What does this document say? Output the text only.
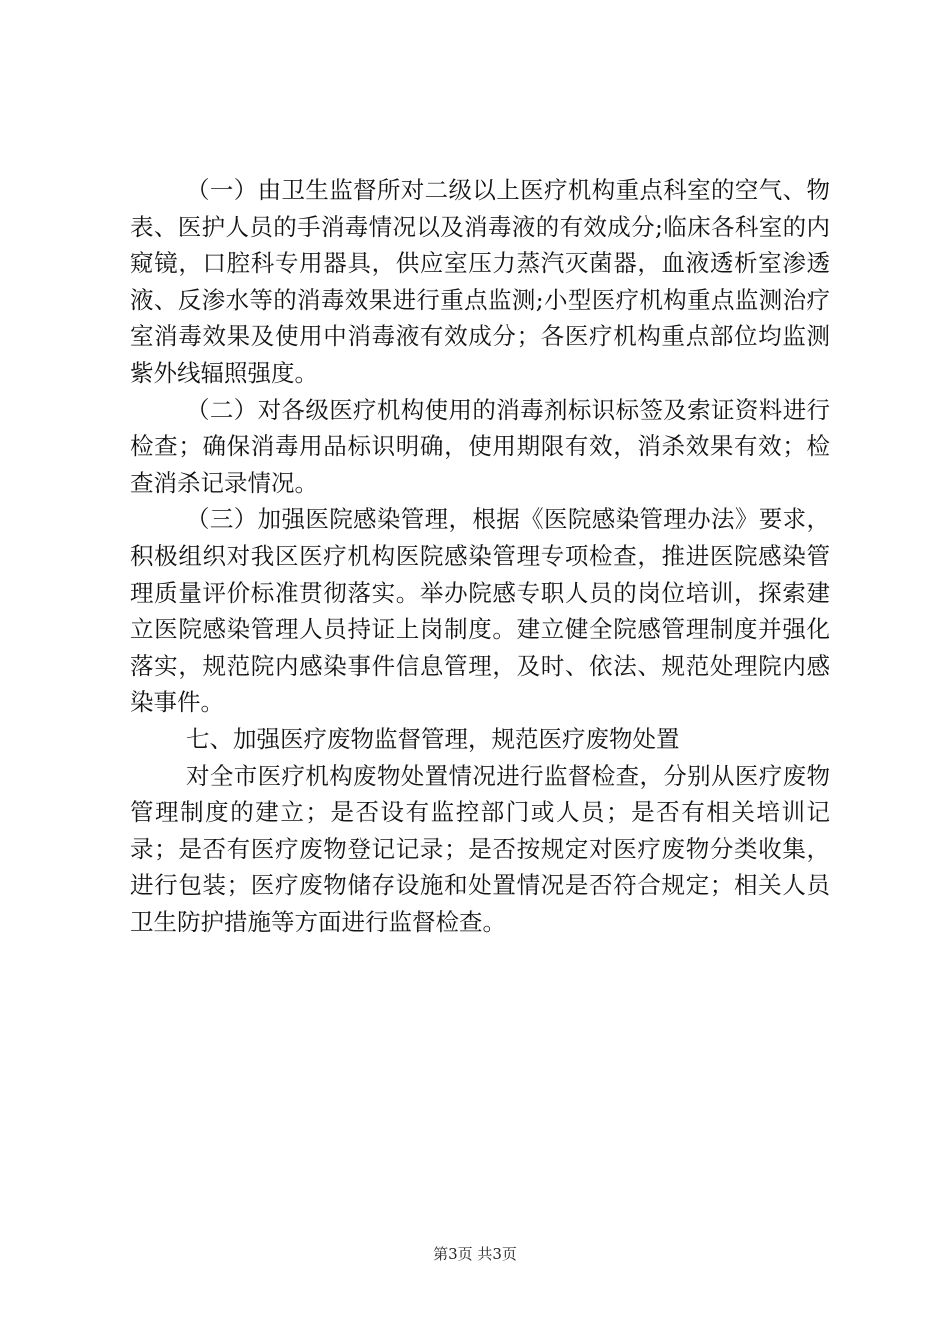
（一）由卫生监督所对二级以上医疗机构重点科室的空气、物表、医护人员的手消毒情况以及消毒液的有效成分;临床各科室的内窥镜，口腔科专用器具，供应室压力蒸汽灭菌器，血液透析室渗透液、反渗水等的消毒效果进行重点监测;小型医疗机构重点监测治疗室消毒效果及使用中消毒液有效成分；各医疗机构重点部位均监测紫外线辐照强度。

（二）对各级医疗机构使用的消毒剂标识标签及索证资料进行检查；确保消毒用品标识明确，使用期限有效，消杀效果有效；检查消杀记录情况。

（三）加强医院感染管理，根据《医院感染管理办法》要求，积极组织对我区医疗机构医院感染管理专项检查，推进医院感染管理质量评价标准贯彻落实。举办院感专职人员的岗位培训，探索建立医院感染管理人员持证上岗制度。建立健全院感管理制度并强化落实，规范院内感染事件信息管理，及时、依法、规范处理院内感染事件。

七、加强医疗废物监督管理，规范医疗废物处置

对全市医疗机构废物处置情况进行监督检查，分别从医疗废物管理制度的建立；是否设有监控部门或人员；是否有相关培训记录；是否有医疗废物登记记录；是否按规定对医疗废物分类收集，进行包装；医疗废物储存设施和处置情况是否符合规定；相关人员卫生防护措施等方面进行监督检查。

第3页 共3页
